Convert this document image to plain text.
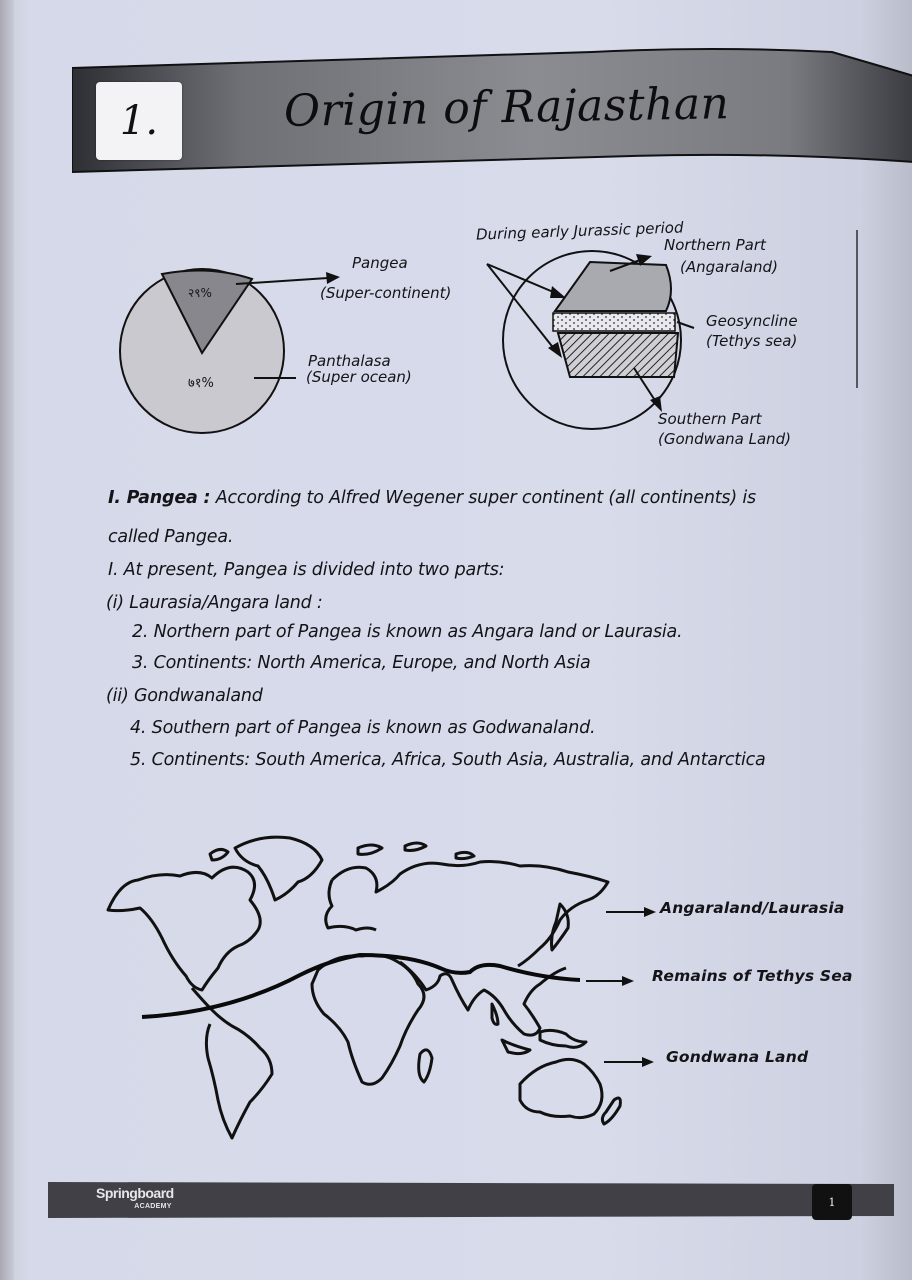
1.	Origin of Rajasthan
२९%
७१%
Pangea
(Super-continent)
Panthalasa
(Super ocean)
During early Jurassic period
Northern Part
(Angaraland)
Geosyncline
(Tethys sea)
Southern Part
(Gondwana Land)
I. Pangea : According to Alfred Wegener super continent (all continents) is
called Pangea.
I. At present, Pangea is divided into two parts:
(i) Laurasia/Angara land :
2. Northern part of Pangea is known as Angara land or Laurasia.
3. Continents: North America, Europe, and North Asia
(ii) Gondwanaland
4. Southern part of Pangea is known as Godwanaland.
5. Continents: South America, Africa, South Asia, Australia, and Antarctica
Angaraland/Laurasia
Remains of Tethys Sea
Gondwana Land
Springboard
ACADEMY	1
